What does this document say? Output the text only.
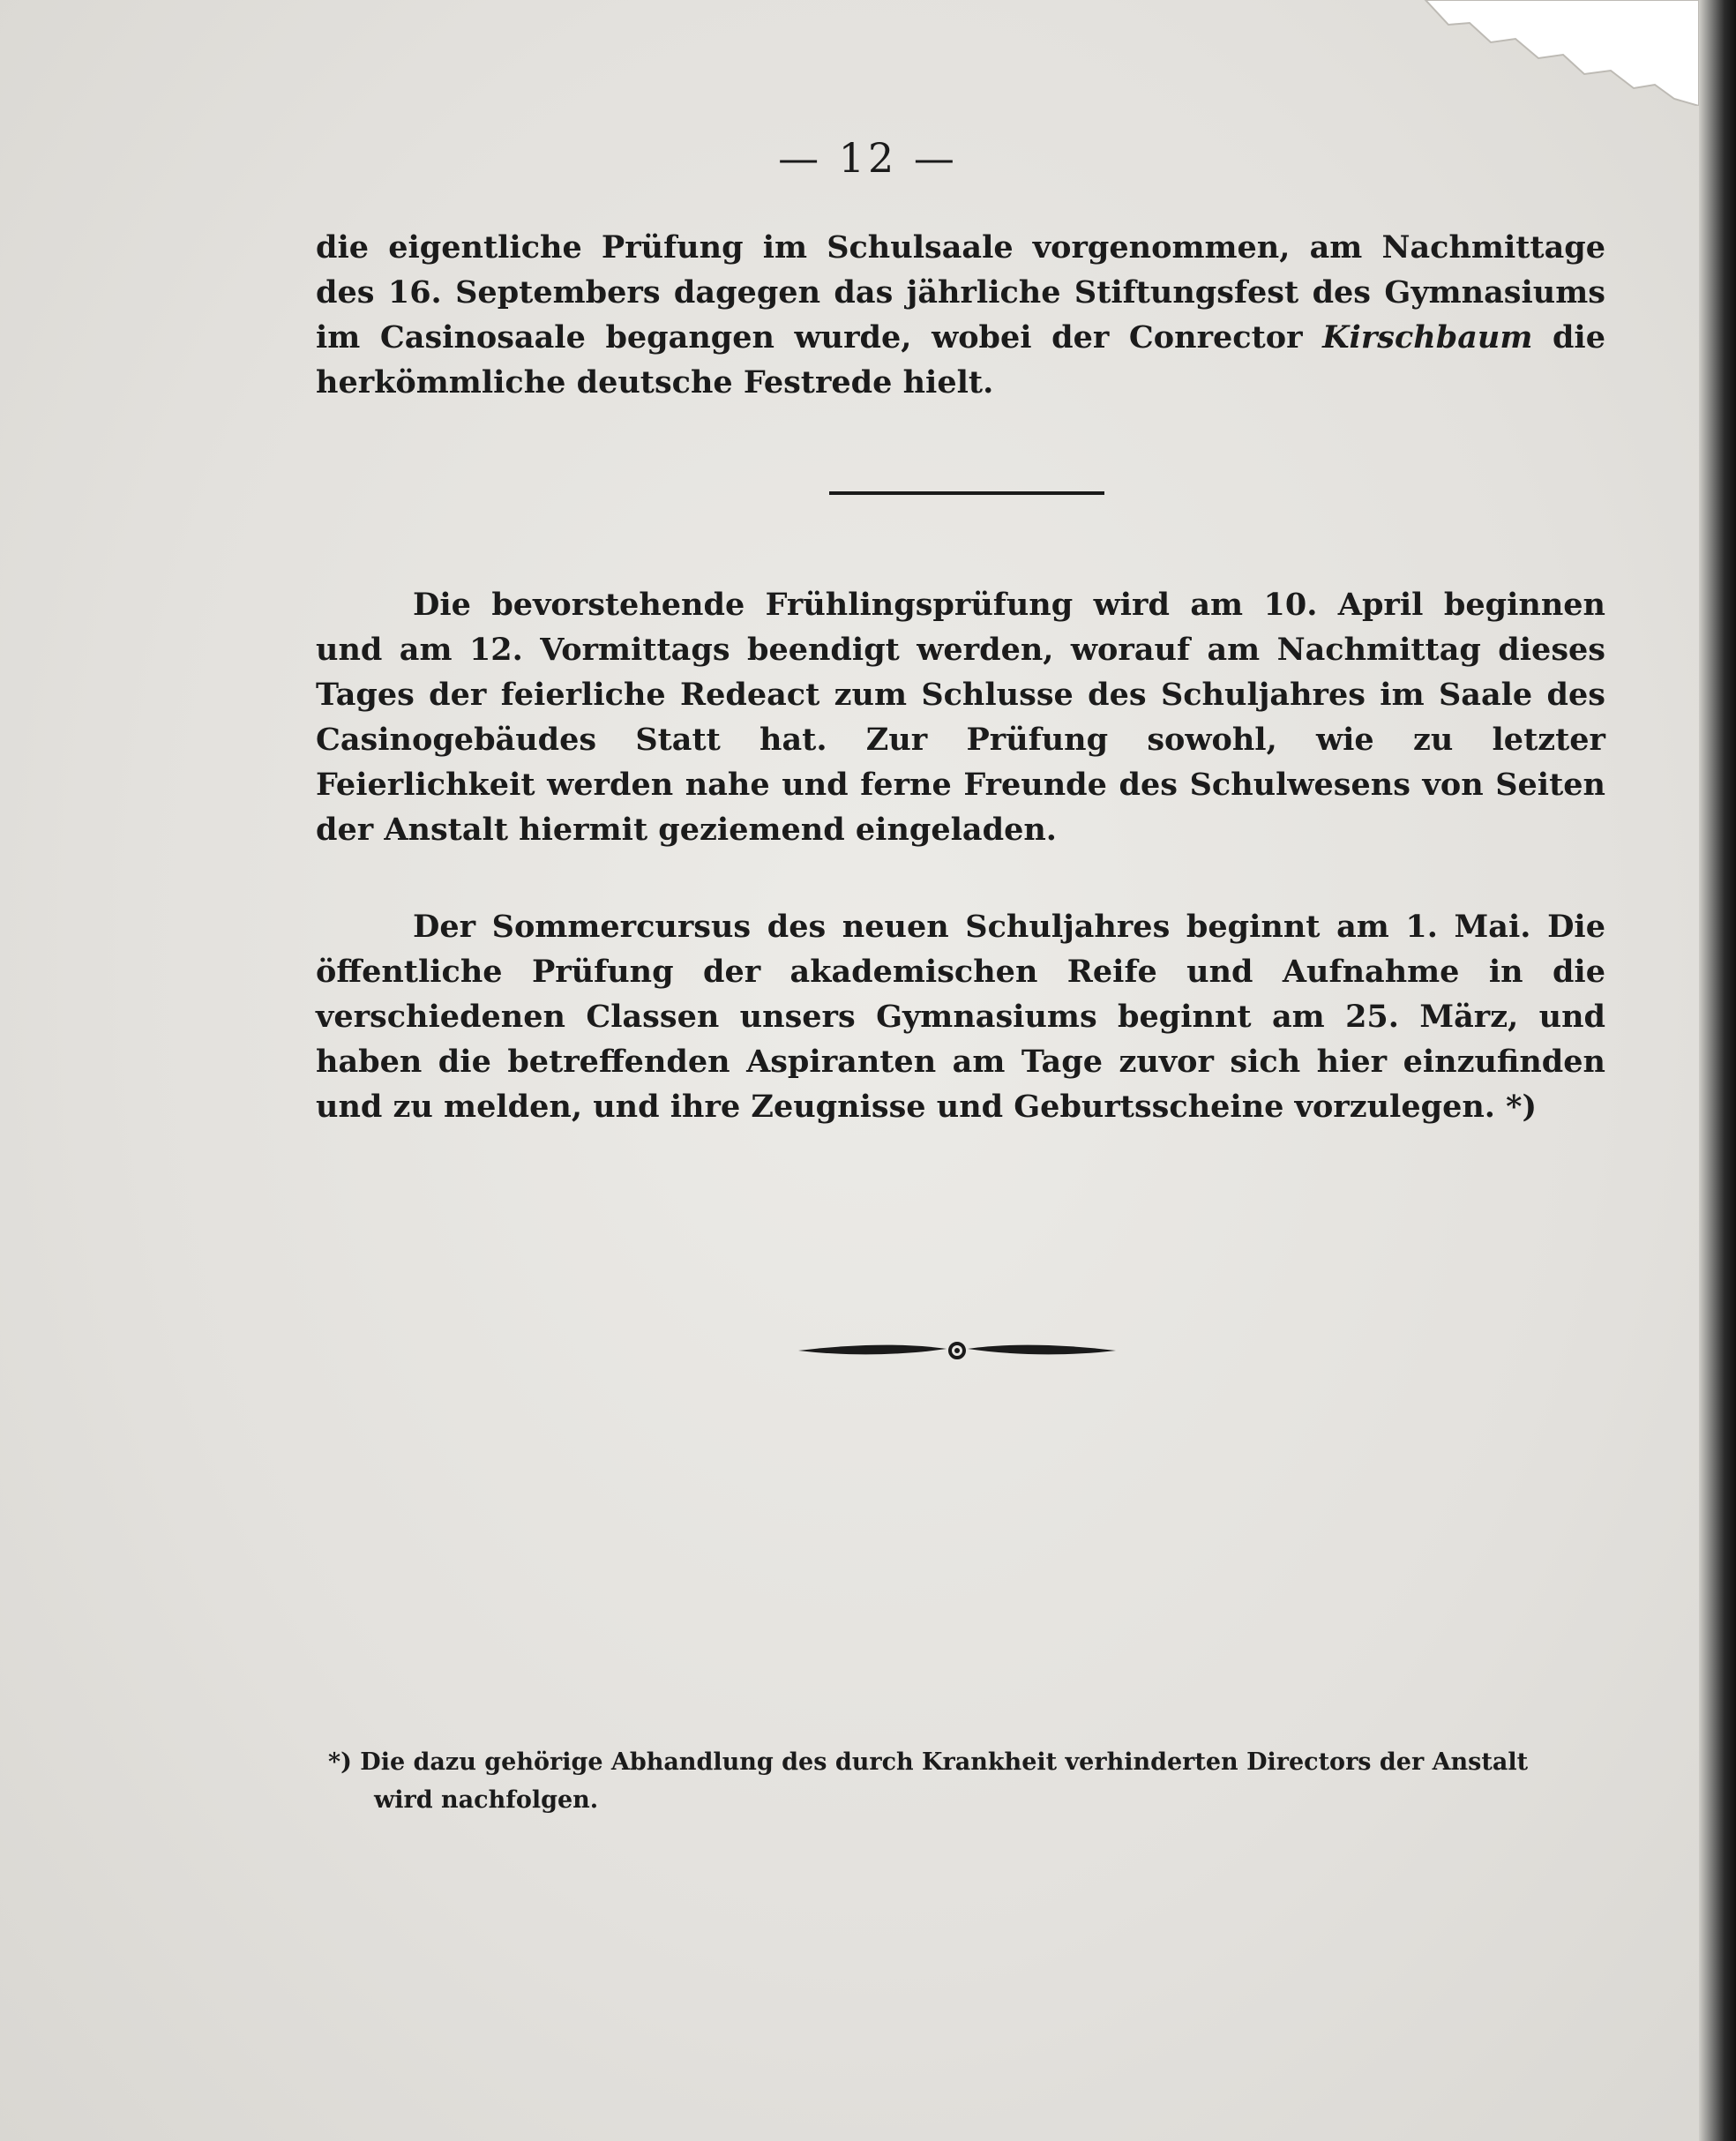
— 12 —
die eigentliche Prüfung im Schulsaale vorgenommen, am Nachmittage des 16. Septembers dagegen das jährliche Stiftungsfest des Gymnasiums im Casinosaale begangen wurde, wobei der Conrector Kirschbaum die herkömmliche deutsche Festrede hielt.
Die bevorstehende Frühlingsprüfung wird am 10. April beginnen und am 12. Vormittags beendigt werden, worauf am Nachmittag dieses Tages der feierliche Redeact zum Schlusse des Schuljahres im Saale des Casinogebäudes Statt hat. Zur Prüfung sowohl, wie zu letzter Feierlichkeit werden nahe und ferne Freunde des Schulwesens von Seiten der Anstalt hiermit geziemend eingeladen.
Der Sommercursus des neuen Schuljahres beginnt am 1. Mai. Die öffentliche Prüfung der akademischen Reife und Aufnahme in die verschiedenen Classen unsers Gymnasiums beginnt am 25. März, und haben die betreffenden Aspiranten am Tage zuvor sich hier einzufinden und zu melden, und ihre Zeugnisse und Geburtsscheine vorzulegen. *)
*) Die dazu gehörige Abhandlung des durch Krankheit verhinderten Directors der Anstalt
wird nachfolgen.
